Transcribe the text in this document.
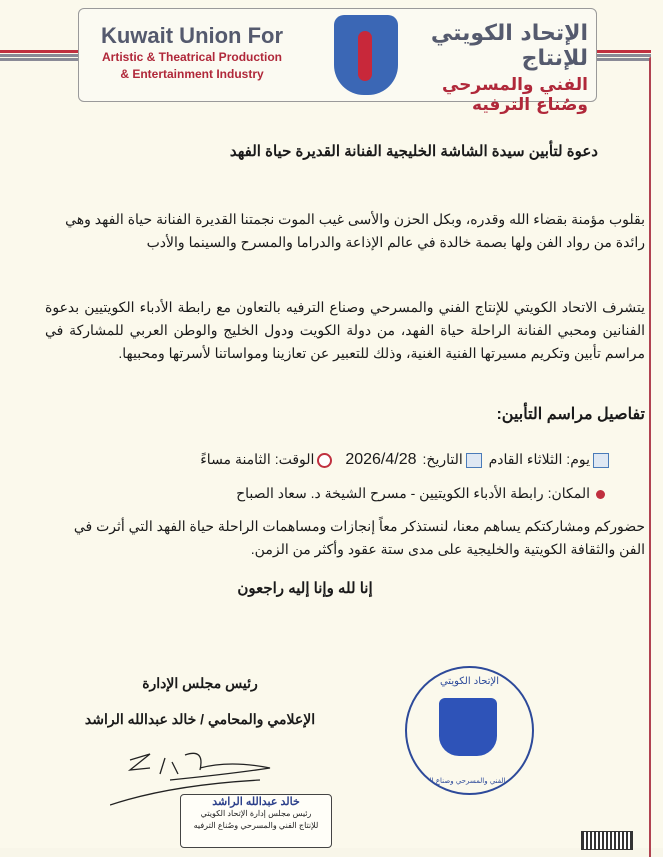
Kuwait Union For
Artistic & Theatrical Production
& Entertainment Industry
الإتحاد الكويتي للإنتاج
الفني والمسرحي وصُناع الترفيه
دعوة لتأبين سيدة الشاشة الخليجية الفنانة القديرة حياة الفهد
بقلوب مؤمنة بقضاء الله وقدره، وبكل الحزن والأسى غيب الموت نجمتنا القديرة الفنانة حياة الفهد وهي رائدة من رواد الفن ولها بصمة خالدة في عالم الإذاعة والدراما والمسرح والسينما والأدب
يتشرف الاتحاد الكويتي للإنتاج الفني والمسرحي وصناع الترفيه بالتعاون مع رابطة الأدباء الكويتيين بدعوة الفنانين ومحبي الفنانة الراحلة حياة الفهد، من دولة الكويت ودول الخليج والوطن العربي للمشاركة في مراسم تأبين وتكريم مسيرتها الفنية الغنية، وذلك للتعبير عن تعازينا ومواساتنا لأسرتها ومحبيها.
تفاصيل مراسم التأبين:
يوم: الثلاثاء القادم التاريخ:2026/4/28 الوقت: الثامنة مساءً
المكان: رابطة الأدباء الكويتيين - مسرح الشيخة د. سعاد الصباح
حضوركم ومشاركتكم يساهم معنا، لنستذكر معاً إنجازات ومساهمات الراحلة حياة الفهد التي أثرت في الفن والثقافة الكويتية والخليجية على مدى ستة عقود وأكثر من الزمن.
إنا لله وإنا إليه راجعون
رئيس مجلس الإدارة
الإعلامي والمحامي / خالد عبدالله الراشد
خالد عبدالله الراشد
رئيس مجلس إدارة الإتحاد الكويتي
للإنتاج الفني والمسرحي وصُناع الترفيه
الإتحاد الكويتي
للإنتاج الفني والمسرحي وصناع الترفيه
